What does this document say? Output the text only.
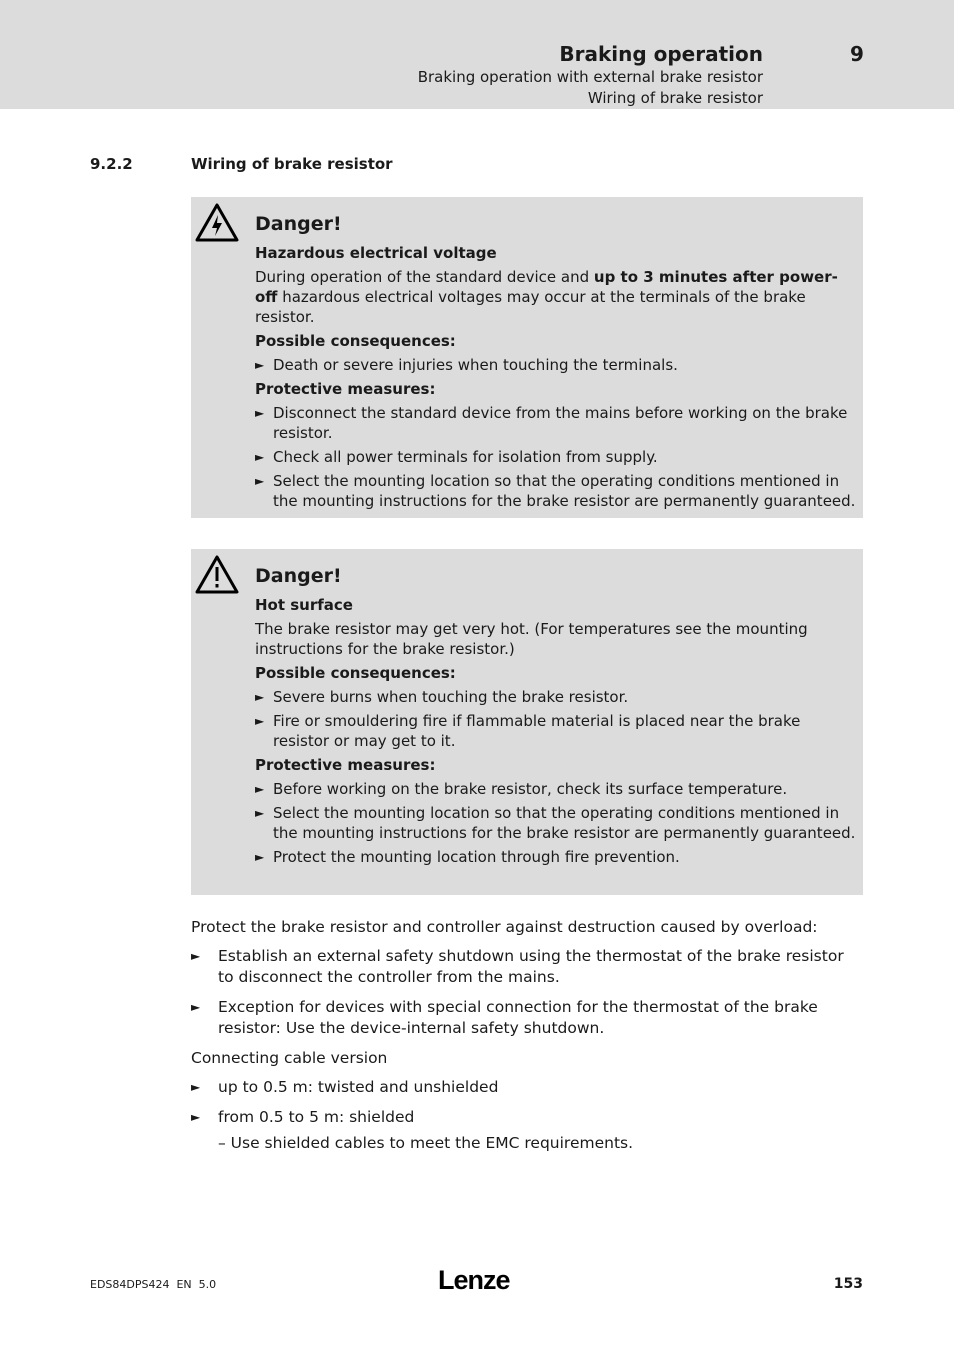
Braking operation	9
Braking operation with external brake resistor
Wiring of brake resistor
9.2.2	Wiring of brake resistor
Danger!
Hazardous electrical voltage
During operation of the standard device and up to 3 minutes after power-off hazardous electrical voltages may occur at the terminals of the brake resistor.
Possible consequences:
► Death or severe injuries when touching the terminals.
Protective measures:
► Disconnect the standard device from the mains before working on the brake resistor.
► Check all power terminals for isolation from supply.
► Select the mounting location so that the operating conditions mentioned in the mounting instructions for the brake resistor are permanently guaranteed.
Danger!
Hot surface
The brake resistor may get very hot. (For temperatures see the mounting instructions for the brake resistor.)
Possible consequences:
► Severe burns when touching the brake resistor.
► Fire or smouldering fire if flammable material is placed near the brake resistor or may get to it.
Protective measures:
► Before working on the brake resistor, check its surface temperature.
► Select the mounting location so that the operating conditions mentioned in the mounting instructions for the brake resistor are permanently guaranteed.
► Protect the mounting location through fire prevention.
Protect the brake resistor and controller against destruction caused by overload:
► Establish an external safety shutdown using the thermostat of the brake resistor to disconnect the controller from the mains.
► Exception for devices with special connection for the thermostat of the brake resistor: Use the device-internal safety shutdown.
Connecting cable version
► up to 0.5 m: twisted and unshielded
► from 0.5 to 5 m: shielded
– Use shielded cables to meet the EMC requirements.
EDS84DPS424  EN  5.0	Lenze	153
